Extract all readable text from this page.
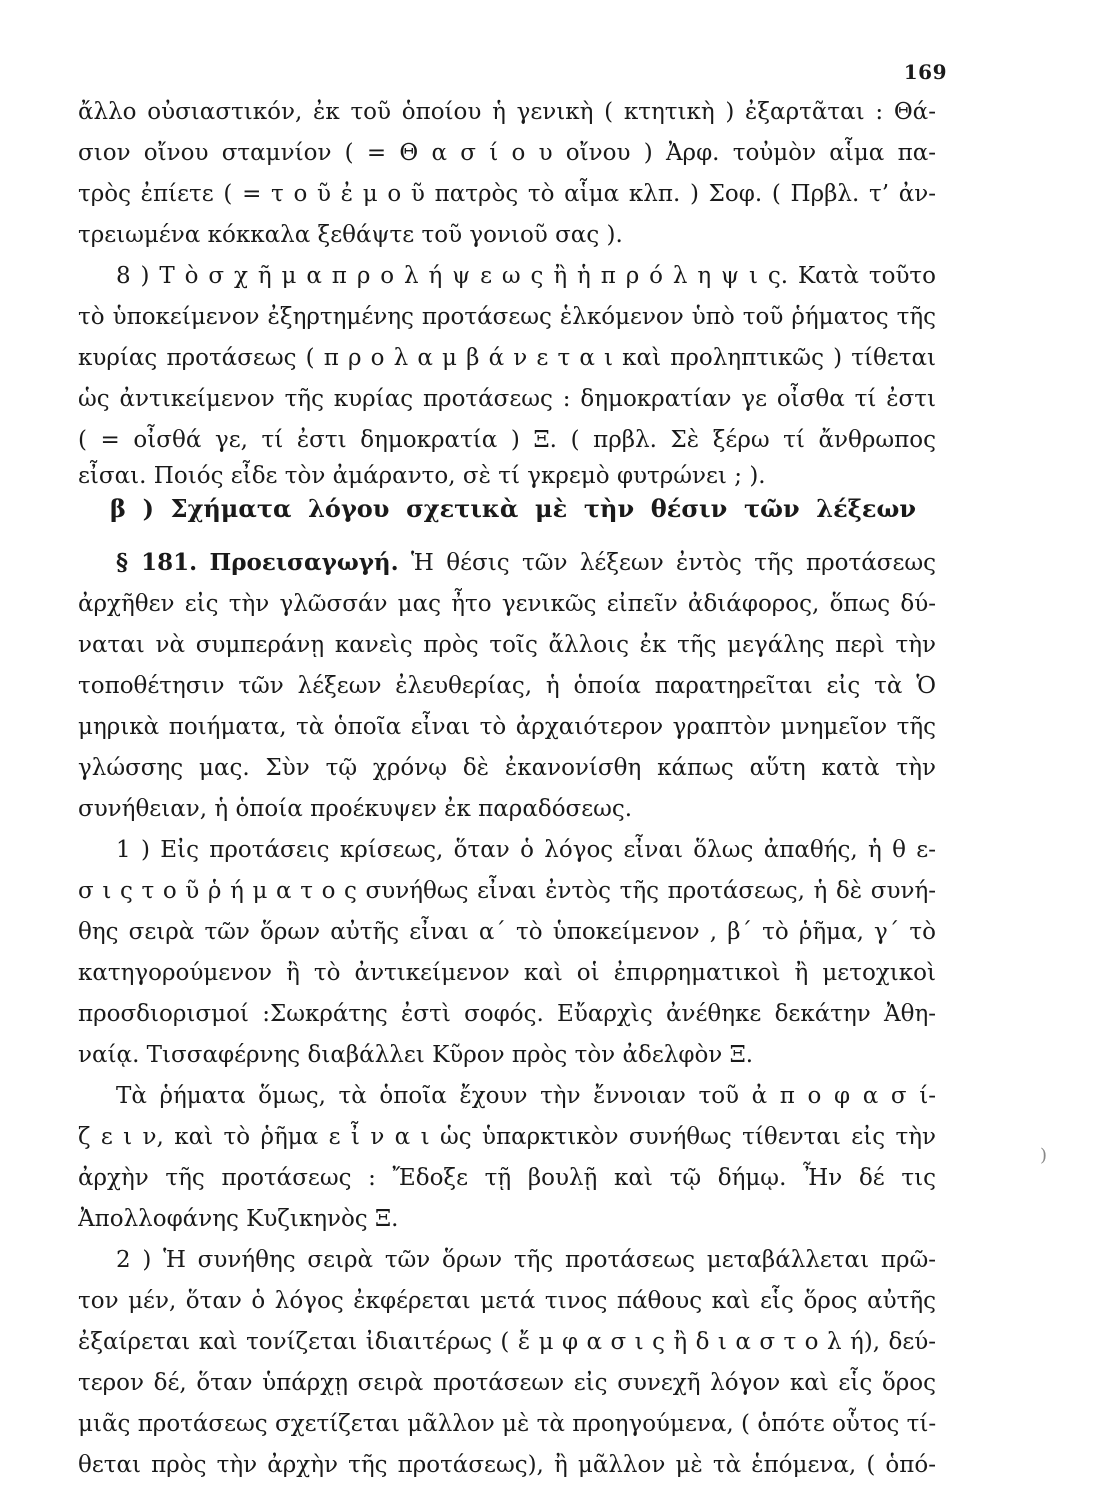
169
ἄλλο οὐσιαστικόν, ἐκ τοῦ ὁποίου ἡ γενικὴ ( κτητικὴ ) ἐξαρτᾶται : Θά-
σιον οἴνου σταμνίον ( = Θ α σ ί ο υ οἴνου ) Ἀρφ. τοὐμὸν αἷμα πα-
τρὸς ἐπίετε ( = τ ο ῦ ἐ μ ο ῦ πατρὸς τὸ αἷμα κλπ. ) Σοφ. ( Πρβλ. τ’ ἀν-
τρειωμένα κόκκαλα ξεθάψτε τοῦ γονιοῦ σας ).
8 ) Τ ὸ σ χ ῆ μ α π ρ ο λ ή ψ ε ω ς ἢ ἡ π ρ ό λ η ψ ι ς. Κατὰ τοῦτο
τὸ ὑποκείμενον ἐξηρτημένης προτάσεως ἑλκόμενον ὑπὸ τοῦ ῥήματος τῆς
κυρίας προτάσεως ( π ρ ο λ α μ β ά ν ε τ α ι καὶ προληπτικῶς ) τίθεται
ὡς ἀντικείμενον τῆς κυρίας προτάσεως : δημοκρατίαν γε οἶσθα τί ἐστι
( = οἶσθά γε, τί ἐστι δημοκρατία ) Ξ. ( πρβλ. Σὲ ξέρω τί ἄνθρωπος
εἶσαι. Ποιός εἶδε τὸν ἀμάραντο, σὲ τί γκρεμὸ φυτρώνει ; ).
β ) Σχήματα λόγου σχετικὰ μὲ τὴν θέσιν τῶν λέξεων
§ 181. Προεισαγωγή. Ἡ θέσις τῶν λέξεων ἐντὸς τῆς προτάσεως
ἀρχῆθεν εἰς τὴν γλῶσσάν μας ἦτο γενικῶς εἰπεῖν ἀδιάφορος, ὅπως δύ-
ναται νὰ συμπεράνῃ κανεὶς πρὸς τοῖς ἄλλοις ἐκ τῆς μεγάλης περὶ τὴν
τοποθέτησιν τῶν λέξεων ἐλευθερίας, ἡ ὁποία παρατηρεῖται εἰς τὰ Ὁ
μηρικὰ ποιήματα, τὰ ὁποῖα εἶναι τὸ ἀρχαιότερον γραπτὸν μνημεῖον τῆς
γλώσσης μας. Σὺν τῷ χρόνῳ δὲ ἐκανονίσθη κάπως αὕτη κατὰ τὴν
συνήθειαν, ἡ ὁποία προέκυψεν ἐκ παραδόσεως.
1 ) Εἰς προτάσεις κρίσεως, ὅταν ὁ λόγος εἶναι ὅλως ἀπαθής, ἡ θ ε-
σ ι ς τ ο ῦ ῥ ή μ α τ ο ς συνήθως εἶναι ἐντὸς τῆς προτάσεως, ἡ δὲ συνή-
θης σειρὰ τῶν ὅρων αὐτῆς εἶναι α΄ τὸ ὑποκείμενον , β΄ τὸ ῥῆμα, γ΄ τὸ
κατηγορούμενον ἢ τὸ ἀντικείμενον καὶ οἱ ἐπιρρηματικοὶ ἢ μετοχικοὶ
προσδιορισμοί :Σωκράτης ἐστὶ σοφός. Εὔαρχὶς ἀνέθηκε δεκάτην Ἀθη-
ναίᾳ. Τισσαφέρνης διαβάλλει Κῦρον πρὸς τὸν ἀδελφὸν Ξ.
Τὰ ῥήματα ὅμως, τὰ ὁποῖα ἔχουν τὴν ἔννοιαν τοῦ ἀ π ο φ α σ ί-
ζ ε ι ν, καὶ τὸ ῥῆμα ε ἶ ν α ι ὡς ὑπαρκτικὸν συνήθως τίθενται εἰς τὴν
ἀρχὴν τῆς προτάσεως : Ἔδοξε τῇ βουλῇ καὶ τῷ δήμῳ. Ἦν δέ τις
Ἀπολλοφάνης Κυζικηνὸς Ξ.
2 ) Ἡ συνήθης σειρὰ τῶν ὅρων τῆς προτάσεως μεταβάλλεται πρῶ-
τον μέν, ὅταν ὁ λόγος ἐκφέρεται μετά τινος πάθους καὶ εἷς ὅρος αὐτῆς
ἐξαίρεται καὶ τονίζεται ἰδιαιτέρως ( ἔ μ φ α σ ι ς ἢ δ ι α σ τ ο λ ή), δεύ-
τερον δέ, ὅταν ὑπάρχῃ σειρὰ προτάσεων εἰς συνεχῆ λόγον καὶ εἷς ὅρος
μιᾶς προτάσεως σχετίζεται μᾶλλον μὲ τὰ προηγούμενα, ( ὁπότε οὗτος τί-
θεται πρὸς τὴν ἀρχὴν τῆς προτάσεως), ἢ μᾶλλον μὲ τὰ ἑπόμενα, ( ὁπό-
)
